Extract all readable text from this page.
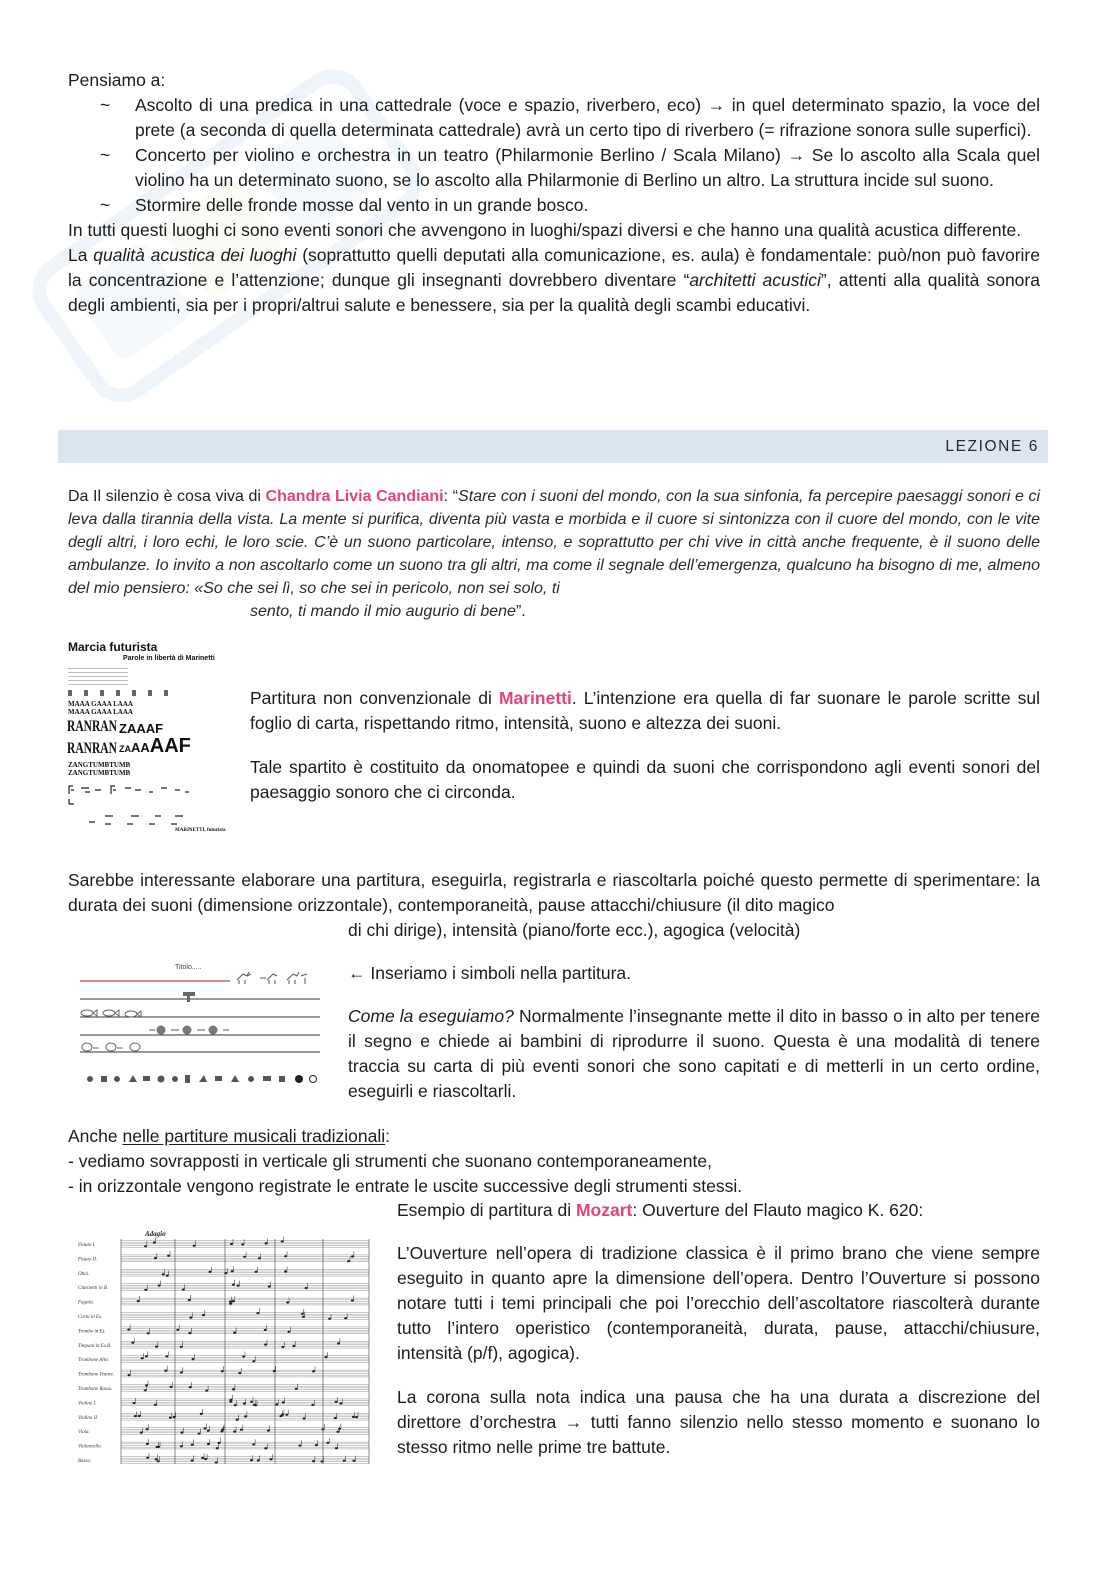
Pensiamo a:

~ Ascolto di una predica in una cattedrale (voce e spazio, riverbero, eco) → in quel determinato spazio, la voce del prete (a seconda di quella determinata cattedrale) avrà un certo tipo di riverbero (= rifrazione sonora sulle superfici).
~ Concerto per violino e orchestra in un teatro (Philarmonie Berlino / Scala Milano) → Se lo ascolto alla Scala quel violino ha un determinato suono, se lo ascolto alla Philarmonie di Berlino un altro. La struttura incide sul suono.
~ Stormire delle fronde mosse dal vento in un grande bosco.

In tutti questi luoghi ci sono eventi sonori che avvengono in luoghi/spazi diversi e che hanno una qualità acustica differente.

La qualità acustica dei luoghi (soprattutto quelli deputati alla comunicazione, es. aula) è fondamentale: può/non può favorire la concentrazione e l’attenzione; dunque gli insegnanti dovrebbero diventare “architetti acustici”, attenti alla qualità sonora degli ambienti, sia per i propri/altrui salute e benessere, sia per la qualità degli scambi educativi.

LEZIONE 6

Da Il silenzio è cosa viva di Chandra Livia Candiani: “Stare con i suoni del mondo, con la sua sinfonia, fa percepire paesaggi sonori e ci leva dalla tirannia della vista. La mente si purifica, diventa più vasta e morbida e il cuore si sintonizza con il cuore del mondo, con le vite degli altri, i loro echi, le loro scie. C’è un suono particolare, intenso, e soprattutto per chi vive in città anche frequente, è il suono delle ambulanze. Io invito a non ascoltarlo come un suono tra gli altri, ma come il segnale dell’emergenza, qualcuno ha bisogno di me, almeno del mio pensiero: «So che sei lì, so che sei in pericolo, non sei solo, ti

sento, ti mando il mio augurio di bene”.

Marcia futurista
Parole in libertà di Marinetti
MAAA GAAA LAAA
MAAA GAAA LAAA
RANRAN ZAAAF
RANRAN ZAAAAAF
ZANGTUMBTUMB
ZANGTUMBTUMB
MARINETTI, futurista

Partitura non convenzionale di Marinetti. L’intenzione era quella di far suonare le parole scritte sul foglio di carta, rispettando ritmo, intensità, suono e altezza dei suoni.

Tale spartito è costituito da onomatopee e quindi da suoni che corrispondono agli eventi sonori del paesaggio sonoro che ci circonda.

Sarebbe interessante elaborare una partitura, eseguirla, registrarla e riascoltarla poiché questo permette di sperimentare: la durata dei suoni (dimensione orizzontale), contemporaneità, pause attacchi/chiusure (il dito magico

di chi dirige), intensità (piano/forte ecc.), agogica (velocità)

Titolo.....	← Inseriamo i simboli nella partitura.

Come la eseguiamo? Normalmente l’insegnante mette il dito in basso o in alto per tenere il segno e chiede ai bambini di riprodurre il suono. Questa è una modalità di tenere traccia su carta di più eventi sonori che sono capitati e di metterli in un certo ordine, eseguirli e riascoltarli.

Anche nelle partiture musicali tradizionali:

- vediamo sovrapposti in verticale gli strumenti che suonano contemporaneamente,

- in orizzontale vengono registrate le entrate le uscite successive degli strumenti stessi.

Esempio di partitura di Mozart: Ouverture del Flauto magico K. 620:
Adagio
Flauto I.
Flauto II.
Oboi.
Clarinetti in B.
Fagotti.
Corni in Es.
Trombe in Es.
Timpani in Es.B.
Trombone Alto.
Trombone Tenore.
Trombone Basso.
Violino I.
Violino II.
Viola.
Violoncello.
Basso.

L’Ouverture nell’opera di tradizione classica è il primo brano che viene sempre eseguito in quanto apre la dimensione dell’opera. Dentro l’Ouverture si possono notare tutti i temi principali che poi l’orecchio dell’ascoltatore riascolterà durante tutto l’intero operistico (contemporaneità, durata, pause, attacchi/chiusure, intensità (p/f), agogica).

La corona sulla nota indica una pausa che ha una durata a discrezione del direttore d’orchestra → tutti fanno silenzio nello stesso momento e suonano lo stesso ritmo nelle prime tre battute.
